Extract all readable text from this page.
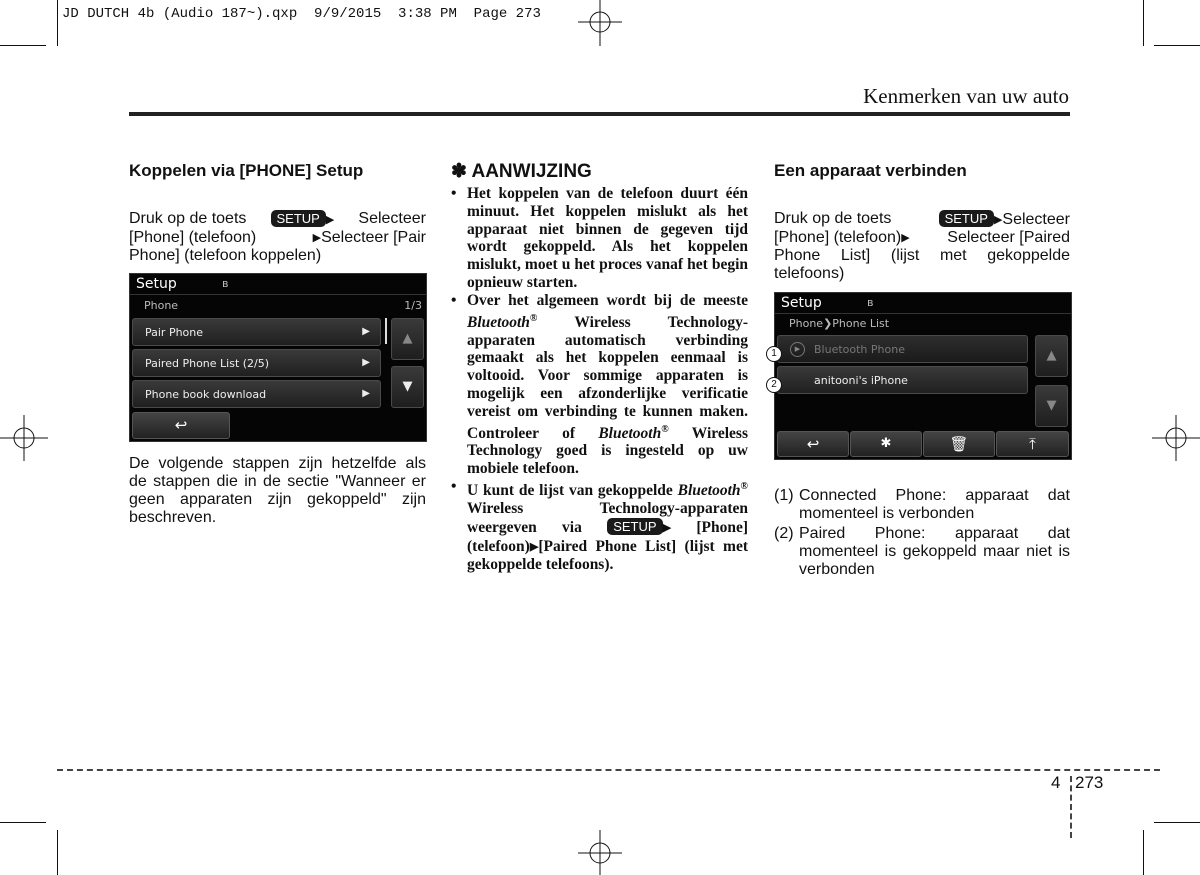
JD DUTCH 4b (Audio 187~).qxp  9/9/2015  3:38 PM  Page 273
Kenmerken van uw auto
Koppelen via [PHONE] Setup
Druk op de toets	SETUP ▶ Selecteer
[Phone] (telefoon)	▶Selecteer [Pair
Phone] (telefoon koppelen)
Setup	ʙ
Phone	1/3
Pair Phone	▶
Paired Phone List (2/5)	▶
Phone book download	▶
▲
▼
↩
De volgende stappen zijn hetzelfde als
de stappen die in de sectie "Wanneer er
geen apparaten zijn gekoppeld" zijn
beschreven.
✽ AANWIJZING
• Het koppelen van de telefoon duurt één minuut. Het koppelen mislukt als het apparaat niet binnen de gegeven tijd wordt gekoppeld. Als het koppelen mislukt, moet u het proces vanaf het begin opnieuw starten.
• Over het algemeen wordt bij de meeste Bluetooth® Wireless Technology-apparaten automatisch verbinding gemaakt als het koppelen eenmaal is voltooid. Voor sommige apparaten is mogelijk een afzonderlijke verificatie vereist om verbinding te kunnen maken. Controleer of Bluetooth® Wireless Technology goed is ingesteld op uw mobiele telefoon.
• U kunt de lijst van gekoppelde Bluetooth® Wireless Technology-apparaten weergeven via SETUP ▶ [Phone] (telefoon)▶[Paired Phone List] (lijst met gekoppelde telefoons).
Een apparaat verbinden
Druk op de toets	SETUP ▶Selecteer
[Phone] (telefoon)▶ Selecteer [Paired
Phone List] (lijst met gekoppelde
telefoons)
Setup	ʙ
Phone❯Phone List
▶	Bluetooth Phone
anitooni's iPhone
▲
▼
↩	✱	🗑	⤒
1
2
(1) Connected Phone: apparaat dat momenteel is verbonden
(2) Paired Phone: apparaat dat momenteel is gekoppeld maar niet is verbonden
4 273
